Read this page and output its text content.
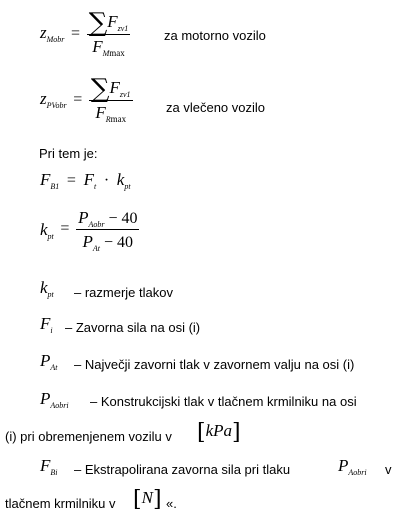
$z_{Mobr} = \frac{\sum F_{zv1}}{F_{Mmax}}$	za motorno vozilo
$z_{PVobr} = \frac{\sum F_{zv1}}{F_{Rmax}}$	za vlečeno vozilo
Pri tem je:
$F_{B1} = F_t \cdot k_{pt}$
$k_{pt} = \frac{P_{Aobr} - 40}{P_{At} - 40}$
$k_{pt}$ – razmerje tlakov
$F_i$ – Zavorna sila na osi (i)
$P_{At}$ – Največji zavorni tlak v zavornem valju na osi (i)
$P_{Aobri}$ – Konstrukcijski tlak v tlačnem krmilniku na osi
(i) pri obremenjenem vozilu v [kPa]
$F_{Bi}$ – Ekstrapolirana zavorna sila pri tlaku	$P_{Aobri}$ v
tlačnem krmilniku v [N] «.
